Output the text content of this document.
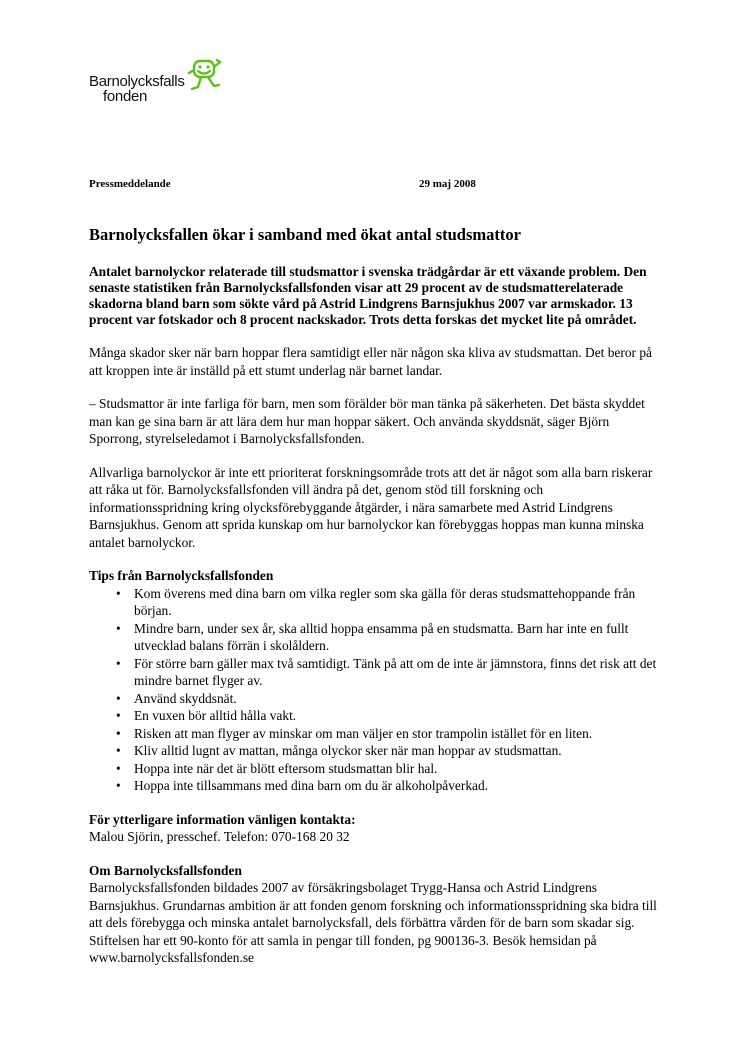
Barnolycksfalls
fonden
Pressmeddelande	29 maj 2008
Barnolycksfallen ökar i samband med ökat antal studsmattor
Antalet barnolyckor relaterade till studsmattor i svenska trädgårdar är ett växande problem. Den senaste statistiken från Barnolycksfallsfonden visar att 29 procent av de studsmatterelaterade skadorna bland barn som sökte vård på Astrid Lindgrens Barnsjukhus 2007 var armskador. 13 procent var fotskador och 8 procent nackskador. Trots detta forskas det mycket lite på området.

Många skador sker när barn hoppar flera samtidigt eller när någon ska kliva av studsmattan. Det beror på att kroppen inte är inställd på ett stumt underlag när barnet landar.

– Studsmattor är inte farliga för barn, men som förälder bör man tänka på säkerheten. Det bästa skyddet man kan ge sina barn är att lära dem hur man hoppar säkert. Och använda skyddsnät, säger Björn Sporrong, styrelseledamot i Barnolycksfallsfonden.

Allvarliga barnolyckor är inte ett prioriterat forskningsområde trots att det är något som alla barn riskerar att råka ut för. Barnolycksfallsfonden vill ändra på det, genom stöd till forskning och informationsspridning kring olycksförebyggande åtgärder, i nära samarbete med Astrid Lindgrens Barnsjukhus. Genom att sprida kunskap om hur barnolyckor kan förebyggas hoppas man kunna minska antalet barnolyckor.

Tips från Barnolycksfallsfonden
• Kom överens med dina barn om vilka regler som ska gälla för deras studsmattehoppande från början.
• Mindre barn, under sex år, ska alltid hoppa ensamma på en studsmatta. Barn har inte en fullt utvecklad balans förrän i skolåldern.
• För större barn gäller max två samtidigt. Tänk på att om de inte är jämnstora, finns det risk att det mindre barnet flyger av.
• Använd skyddsnät.
• En vuxen bör alltid hålla vakt.
• Risken att man flyger av minskar om man väljer en stor trampolin istället för en liten.
• Kliv alltid lugnt av mattan, många olyckor sker när man hoppar av studsmattan.
• Hoppa inte när det är blött eftersom studsmattan blir hal.
• Hoppa inte tillsammans med dina barn om du är alkoholpåverkad.
För ytterligare information vänligen kontakta:
Malou Sjörin, presschef. Telefon: 070-168 20 32
Om Barnolycksfallsfonden
Barnolycksfallsfonden bildades 2007 av försäkringsbolaget Trygg-Hansa och Astrid Lindgrens Barnsjukhus. Grundarnas ambition är att fonden genom forskning och informationsspridning ska bidra till att dels förebygga och minska antalet barnolycksfall, dels förbättra vården för de barn som skadar sig. Stiftelsen har ett 90-konto för att samla in pengar till fonden, pg 900136-3. Besök hemsidan på www.barnolycksfallsfonden.se
